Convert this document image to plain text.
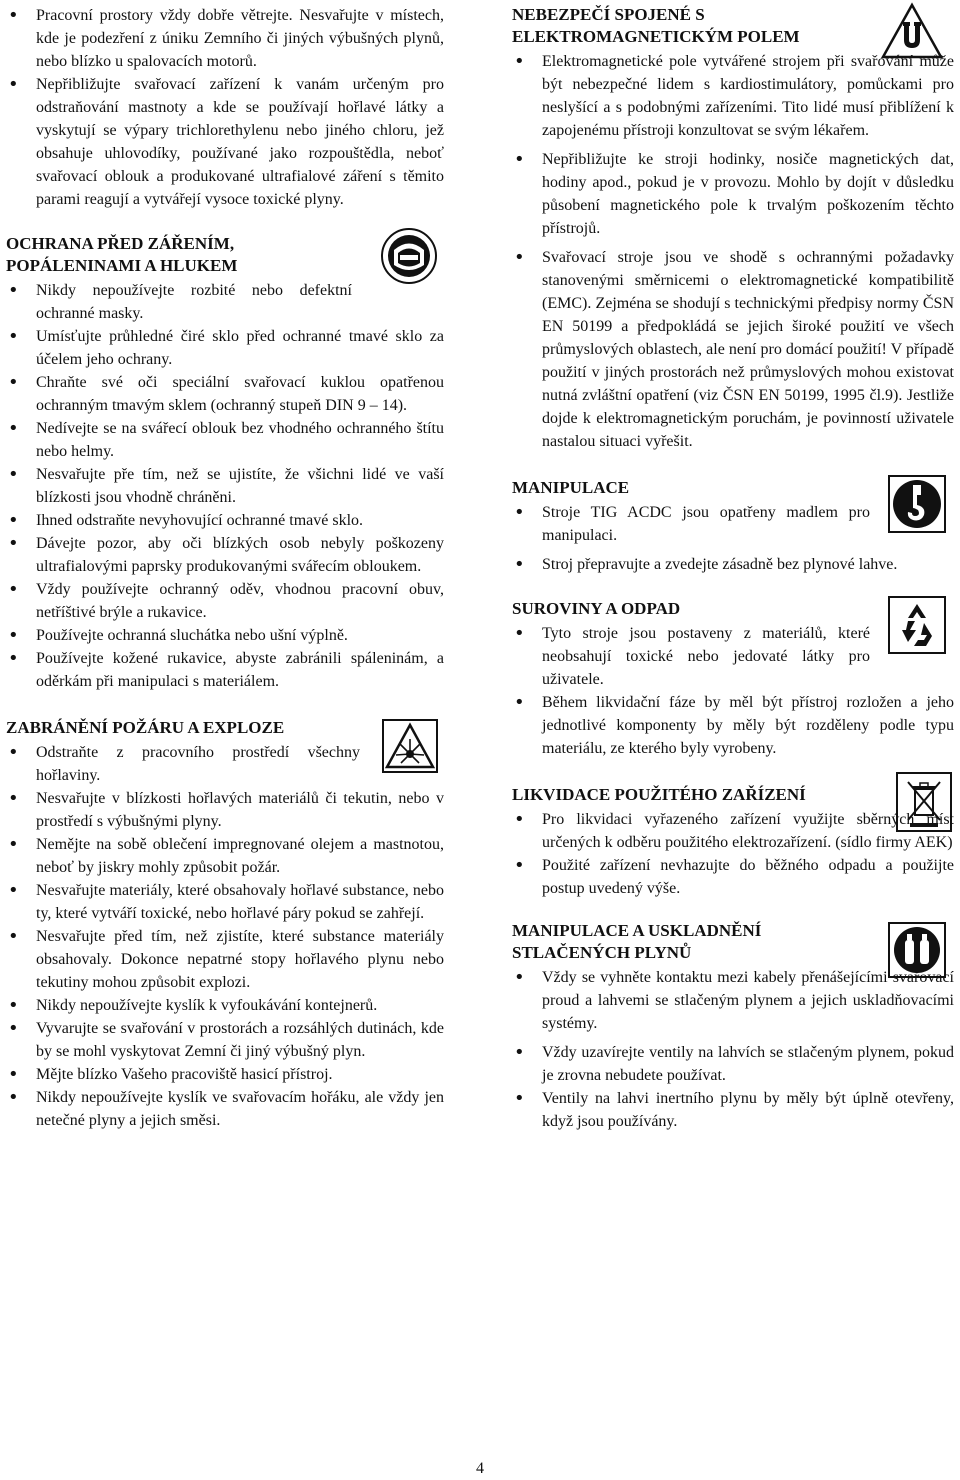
• Pracovní prostory vždy dobře větrejte. Nesvařujte v místech, kde je podezření z úniku Zemního či jiných výbušných plynů, nebo blízko u spalovacích motorů.
• Nepřibližujte svařovací zařízení k vanám určeným pro odstraňování mastnoty a kde se používají hořlavé látky a vyskytují se výpary trichlorethylenu nebo jiného chloru, jež obsahuje uhlovodíky, používané jako rozpouštědla, neboť svařovací oblouk a produkované ultrafialové záření s těmito parami reagují a vytvářejí vysoce toxické plyny.
OCHRANA PŘED ZÁŘENÍM,
POPÁLENINAMI A HLUKEM
• Nikdy nepoužívejte rozbité nebo defektní ochranné masky.
• Umísťujte průhledné čiré sklo před ochranné tmavé sklo za účelem jeho ochrany.
• Chraňte své oči speciální svařovací kuklou opatřenou ochranným tmavým sklem (ochranný stupeň DIN 9 – 14).
• Nedívejte se na svářecí oblouk bez vhodného ochranného štítu nebo helmy.
• Nesvařujte pře tím, než se ujistíte, že všichni lidé ve vaší blízkosti jsou vhodně chráněni.
• Ihned odstraňte nevyhovující ochranné tmavé sklo.
• Dávejte pozor, aby oči blízkých osob nebyly poškozeny ultrafialovými paprsky produkovanými svářecím obloukem.
• Vždy používejte ochranný oděv, vhodnou pracovní obuv, netříštivé brýle a rukavice.
• Používejte ochranná sluchátka nebo ušní výplně.
• Používejte kožené rukavice, abyste zabránili spáleninám, a oděrkám při manipulaci s materiálem.
ZABRÁNĚNÍ POŽÁRU A EXPLOZE
• Odstraňte z pracovního prostředí všechny hořlaviny.
• Nesvařujte v blízkosti hořlavých materiálů či tekutin, nebo v prostředí s výbušnými plyny.
• Nemějte na sobě oblečení impregnované olejem a mastnotou, neboť by jiskry mohly způsobit požár.
• Nesvařujte materiály, které obsahovaly hořlavé substance, nebo ty, které vytváří toxické, nebo hořlavé páry pokud se zahřejí.
• Nesvařujte před tím, než zjistíte, které substance materiály obsahovaly. Dokonce nepatrné stopy hořlavého plynu nebo tekutiny mohou způsobit explozi.
• Nikdy nepoužívejte kyslík k vyfoukávání kontejnerů.
• Vyvarujte se svařování v prostorách a rozsáhlých dutinách, kde by se mohl vyskytovat Zemní či jiný výbušný plyn.
• Mějte blízko Vašeho pracoviště hasicí přístroj.
• Nikdy nepoužívejte kyslík ve svařovacím hořáku, ale vždy jen netečné plyny a jejich směsi.
NEBEZPEČÍ SPOJENÉ S
ELEKTROMAGNETICKÝM POLEM
• Elektromagnetické pole vytvářené strojem při svařování může být nebezpečné lidem s kardiostimulátory, pomůckami pro neslyšící a s podobnými zařízeními. Tito lidé musí přiblížení k zapojenému přístroji konzultovat se svým lékařem.
• Nepřibližujte ke stroji hodinky, nosiče magnetických dat, hodiny apod., pokud je v provozu. Mohlo by dojít v důsledku působení magnetického pole k trvalým poškozením těchto přístrojů.
• Svařovací stroje jsou ve shodě s ochrannými požadavky stanovenými směrnicemi o elektromagnetické kompatibilitě (EMC). Zejména se shodují s technickými předpisy normy ČSN EN 50199 a předpokládá se jejich široké použití ve všech průmyslových oblastech, ale není pro domácí použití! V případě použití v jiných prostorách než průmyslových mohou existovat nutná zvláštní opatření (viz ČSN EN 50199, 1995 čl.9). Jestliže dojde k elektromagnetickým poruchám, je povinností uživatele nastalou situaci vyřešit.
MANIPULACE
• Stroje TIG ACDC jsou opatřeny madlem pro manipulaci.
• Stroj přepravujte a zvedejte zásadně bez plynové lahve.
SUROVINY A ODPAD
• Tyto stroje jsou postaveny z materiálů, které neobsahují toxické nebo jedovaté látky pro uživatele.
• Během likvidační fáze by měl být přístroj rozložen a jeho jednotlivé komponenty by měly být rozděleny podle typu materiálu, ze kterého byly vyrobeny.
LIKVIDACE POUŽITÉHO ZAŘÍZENÍ
• Pro likvidaci vyřazeného zařízení využijte sběrných míst určených k odběru použitého elektrozařízení. (sídlo firmy AEK)
• Použité zařízení nevhazujte do běžného odpadu a použijte postup uvedený výše.
MANIPULACE A USKLADNĚNÍ
STLAČENÝCH PLYNŮ
• Vždy se vyhněte kontaktu mezi kabely přenášejícími svařovací proud a lahvemi se stlačeným plynem a jejich uskladňovacími systémy.
• Vždy uzavírejte ventily na lahvích se stlačeným plynem, pokud je zrovna nebudete používat.
• Ventily na lahvi inertního plynu by měly být úplně otevřeny, když jsou používány.
4
